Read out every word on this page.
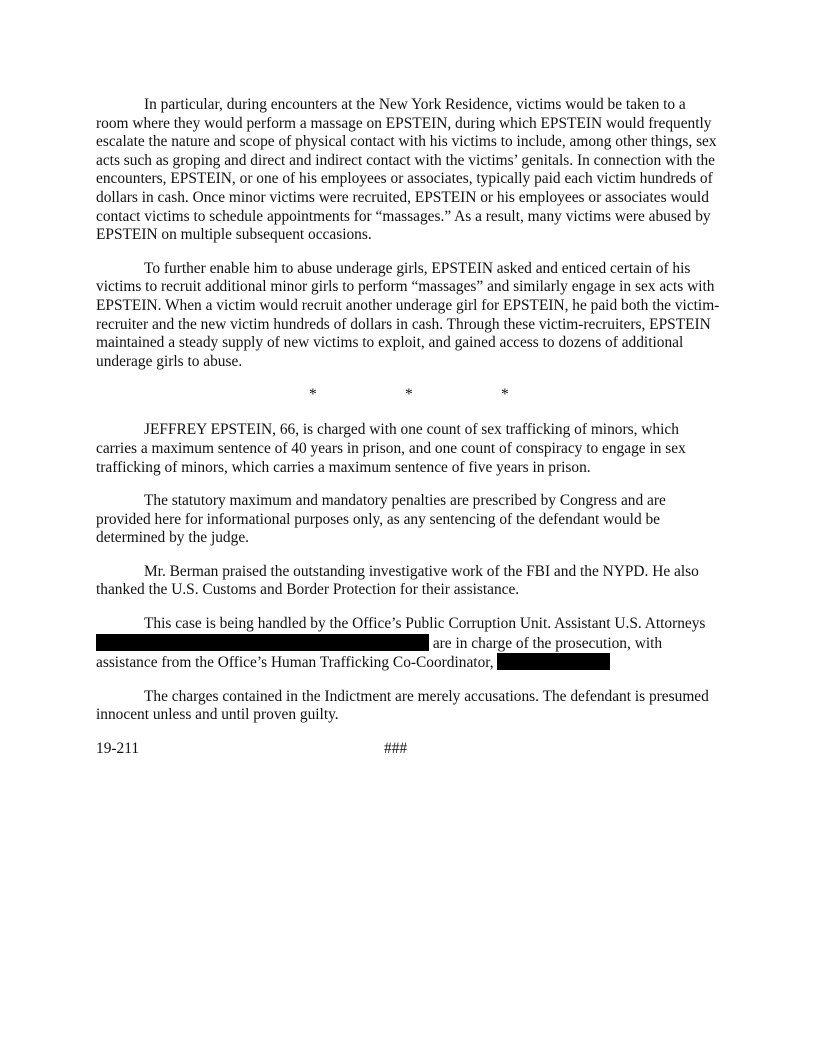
In particular, during encounters at the New York Residence, victims would be taken to a room where they would perform a massage on EPSTEIN, during which EPSTEIN would frequently escalate the nature and scope of physical contact with his victims to include, among other things, sex acts such as groping and direct and indirect contact with the victims’ genitals. In connection with the encounters, EPSTEIN, or one of his employees or associates, typically paid each victim hundreds of dollars in cash. Once minor victims were recruited, EPSTEIN or his employees or associates would contact victims to schedule appointments for “massages.” As a result, many victims were abused by EPSTEIN on multiple subsequent occasions.

To further enable him to abuse underage girls, EPSTEIN asked and enticed certain of his victims to recruit additional minor girls to perform “massages” and similarly engage in sex acts with EPSTEIN. When a victim would recruit another underage girl for EPSTEIN, he paid both the victim-recruiter and the new victim hundreds of dollars in cash. Through these victim-recruiters, EPSTEIN maintained a steady supply of new victims to exploit, and gained access to dozens of additional underage girls to abuse.

*	*	*

JEFFREY EPSTEIN, 66, is charged with one count of sex trafficking of minors, which carries a maximum sentence of 40 years in prison, and one count of conspiracy to engage in sex trafficking of minors, which carries a maximum sentence of five years in prison.

The statutory maximum and mandatory penalties are prescribed by Congress and are provided here for informational purposes only, as any sentencing of the defendant would be determined by the judge.

Mr. Berman praised the outstanding investigative work of the FBI and the NYPD. He also thanked the U.S. Customs and Border Protection for their assistance.

This case is being handled by the Office’s Public Corruption Unit. Assistant U.S. Attorneys  are in charge of the prosecution, with assistance from the Office’s Human Trafficking Co-Coordinator,

The charges contained in the Indictment are merely accusations. The defendant is presumed innocent unless and until proven guilty.

19-211	###
